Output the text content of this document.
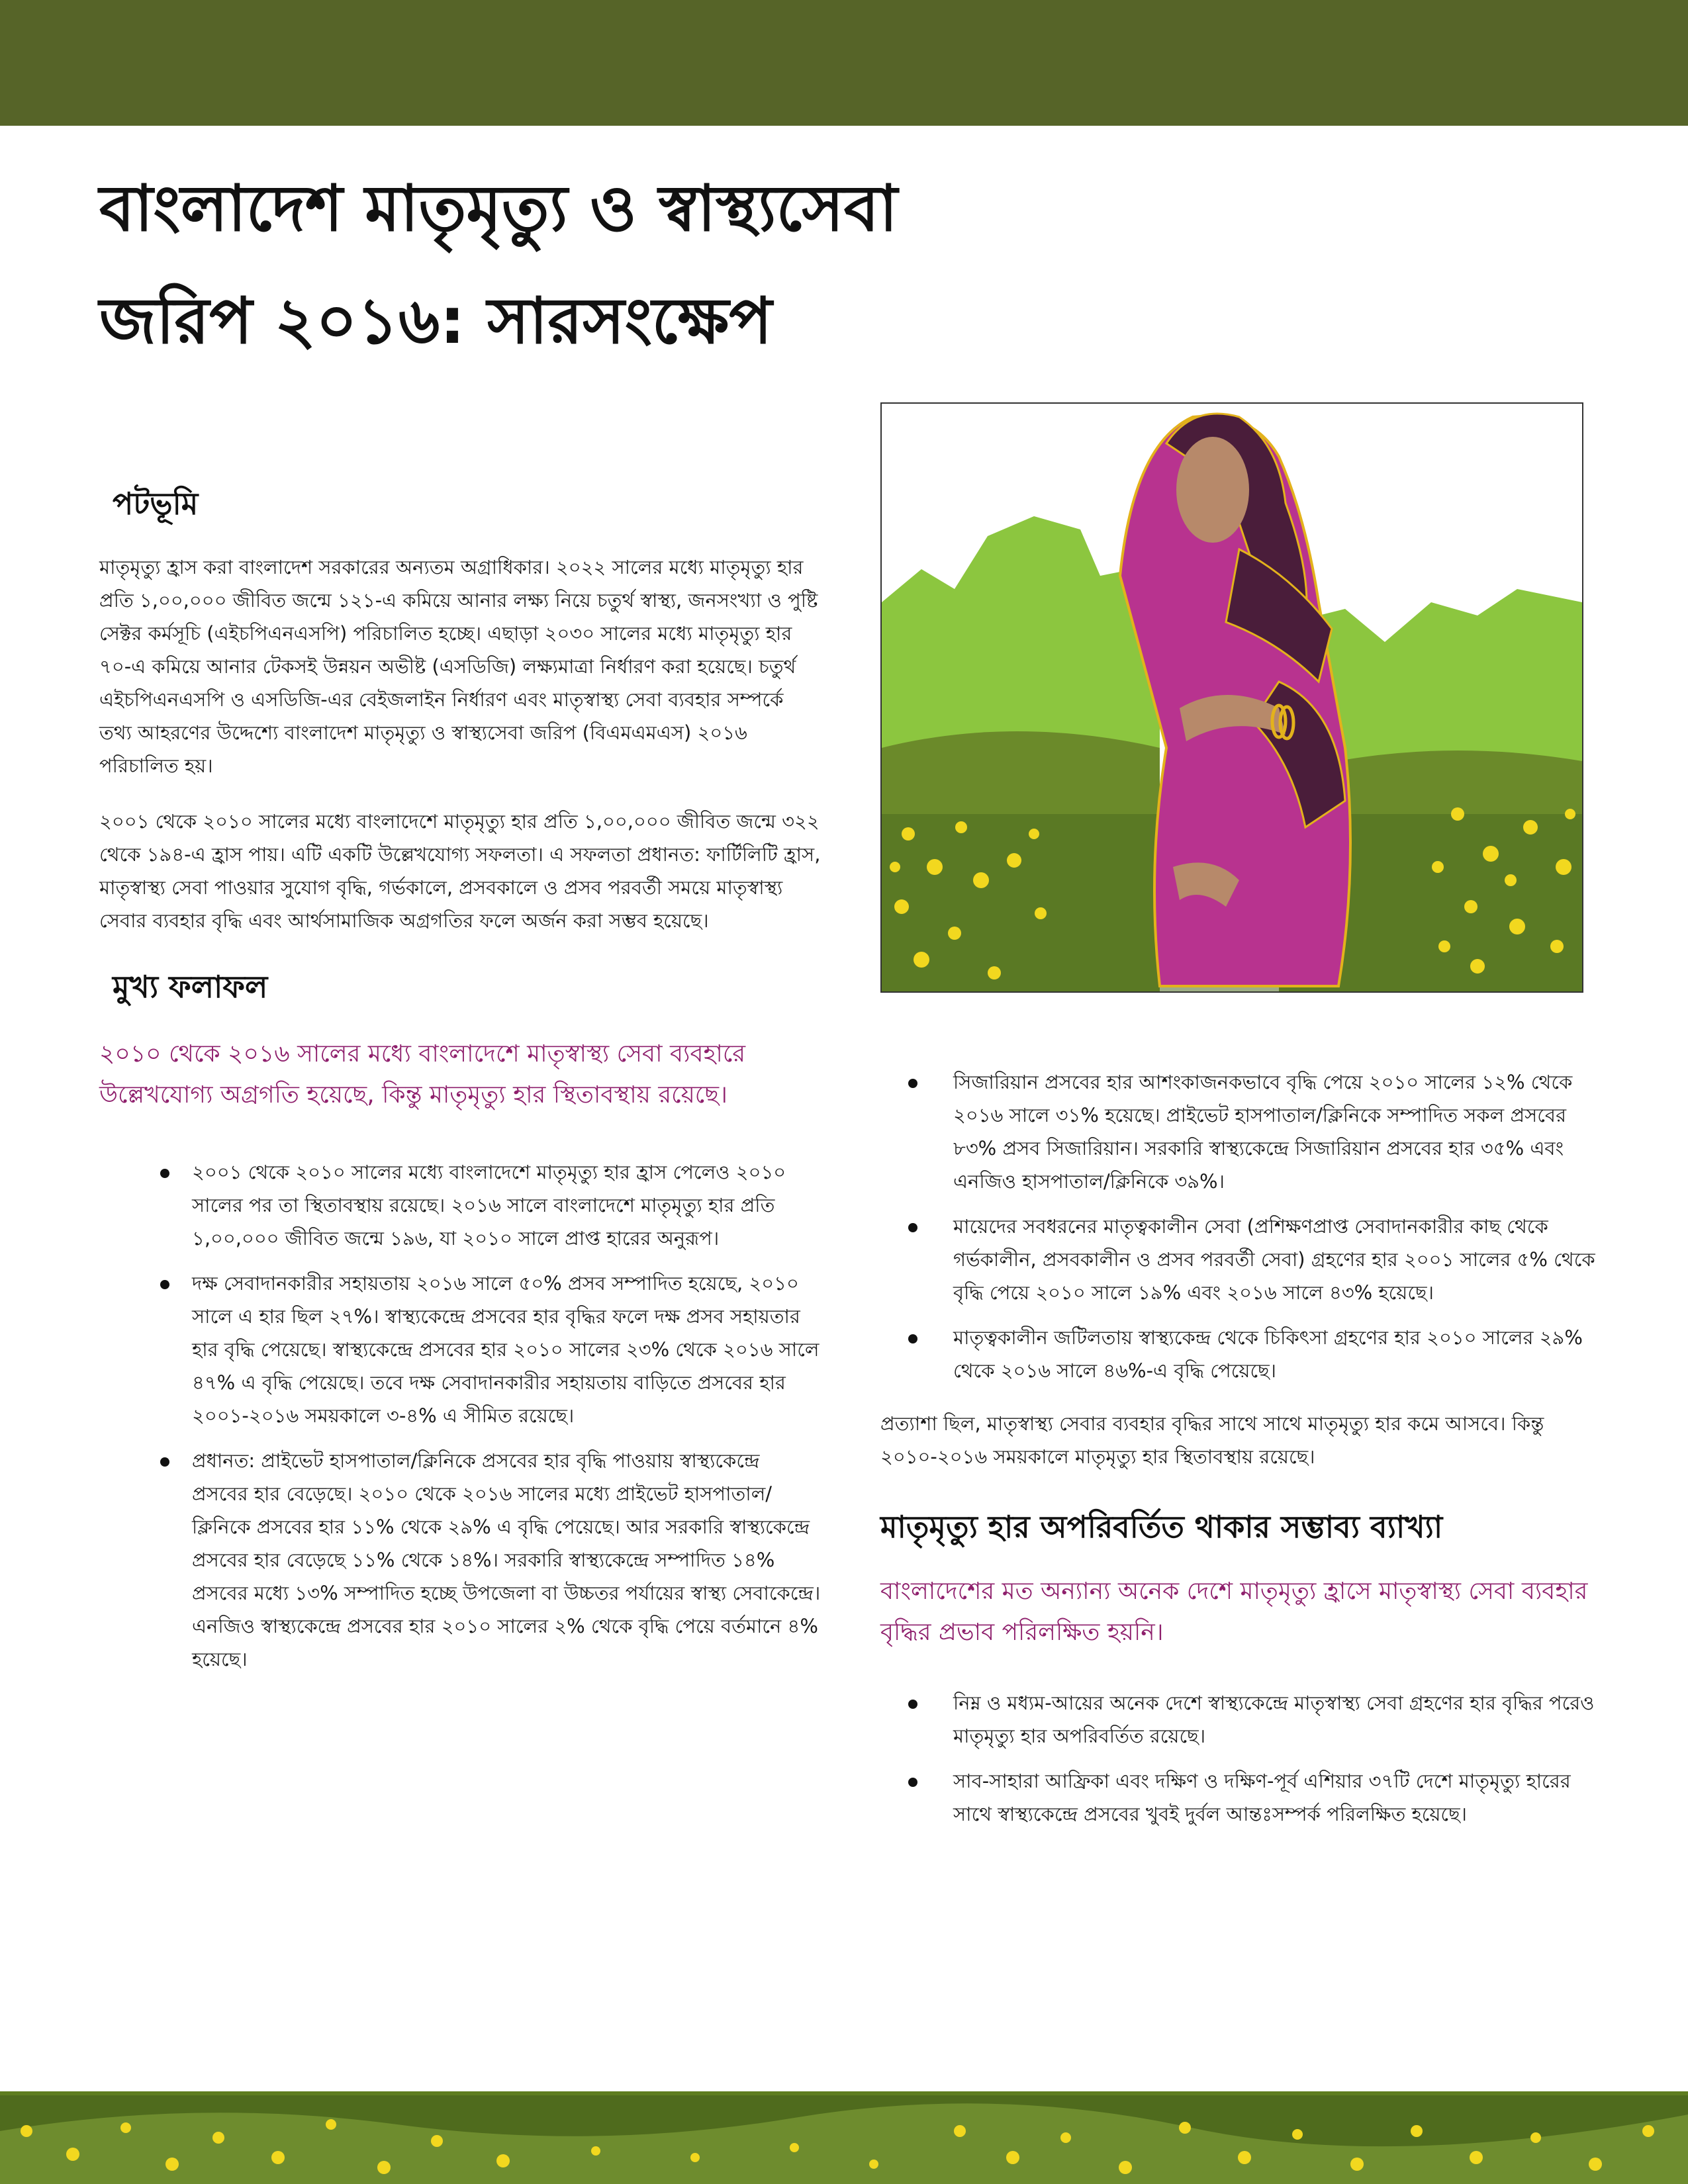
বাংলাদেশ মাতৃমৃত্যু ও স্বাস্থ্যসেবা
জরিপ ২০১৬: সারসংক্ষেপ
পটভূমি

মাতৃমৃত্যু হ্রাস করা বাংলাদেশ সরকারের অন্যতম অগ্রাধিকার। ২০২২ সালের মধ্যে মাতৃমৃত্যু হার প্রতি ১,০০,০০০ জীবিত জন্মে ১২১-এ কমিয়ে আনার লক্ষ্য নিয়ে চতুর্থ স্বাস্থ্য, জনসংখ্যা ও পুষ্টি সেক্টর কর্মসূচি (এইচপিএনএসপি) পরিচালিত হচ্ছে। এছাড়া ২০৩০ সালের মধ্যে মাতৃমৃত্যু হার ৭০-এ কমিয়ে আনার টেকসই উন্নয়ন অভীষ্ট (এসডিজি) লক্ষ্যমাত্রা নির্ধারণ করা হয়েছে। চতুর্থ এইচপিএনএসপি ও এসডিজি-এর বেইজলাইন নির্ধারণ এবং মাতৃস্বাস্থ্য সেবা ব্যবহার সম্পর্কে তথ্য আহরণের উদ্দেশ্যে বাংলাদেশ মাতৃমৃত্যু ও স্বাস্থ্যসেবা জরিপ (বিএমএমএস) ২০১৬ পরিচালিত হয়।

২০০১ থেকে ২০১০ সালের মধ্যে বাংলাদেশে মাতৃমৃত্যু হার প্রতি ১,০০,০০০ জীবিত জন্মে ৩২২ থেকে ১৯৪-এ হ্রাস পায়। এটি একটি উল্লেখযোগ্য সফলতা। এ সফলতা প্রধানত: ফার্টিলিটি হ্রাস, মাতৃস্বাস্থ্য সেবা পাওয়ার সুযোগ বৃদ্ধি, গর্ভকালে, প্রসবকালে ও প্রসব পরবর্তী সময়ে মাতৃস্বাস্থ্য সেবার ব্যবহার বৃদ্ধি এবং আর্থসামাজিক অগ্রগতির ফলে অর্জন করা সম্ভব হয়েছে।

মুখ্য ফলাফল

২০১০ থেকে ২০১৬ সালের মধ্যে বাংলাদেশে মাতৃস্বাস্থ্য সেবা ব্যবহারে উল্লেখযোগ্য অগ্রগতি হয়েছে, কিন্তু মাতৃমৃত্যু হার স্থিতাবস্থায় রয়েছে।

২০০১ থেকে ২০১০ সালের মধ্যে বাংলাদেশে মাতৃমৃত্যু হার হ্রাস পেলেও ২০১০ সালের পর তা স্থিতাবস্থায় রয়েছে। ২০১৬ সালে বাংলাদেশে মাতৃমৃত্যু হার প্রতি ১,০০,০০০ জীবিত জন্মে ১৯৬, যা ২০১০ সালে প্রাপ্ত হারের অনুরূপ।
দক্ষ সেবাদানকারীর সহায়তায় ২০১৬ সালে ৫০% প্রসব সম্পাদিত হয়েছে, ২০১০ সালে এ হার ছিল ২৭%। স্বাস্থ্যকেন্দ্রে প্রসবের হার বৃদ্ধির ফলে দক্ষ প্রসব সহায়তার হার বৃদ্ধি পেয়েছে। স্বাস্থ্যকেন্দ্রে প্রসবের হার ২০১০ সালের ২৩% থেকে ২০১৬ সালে ৪৭% এ বৃদ্ধি পেয়েছে। তবে দক্ষ সেবাদানকারীর সহায়তায় বাড়িতে প্রসবের হার ২০০১-২০১৬ সময়কালে ৩-৪% এ সীমিত রয়েছে।
প্রধানত: প্রাইভেট হাসপাতাল/ক্লিনিকে প্রসবের হার বৃদ্ধি পাওয়ায় স্বাস্থ্যকেন্দ্রে প্রসবের হার বেড়েছে। ২০১০ থেকে ২০১৬ সালের মধ্যে প্রাইভেট হাসপাতাল/ক্লিনিকে প্রসবের হার ১১% থেকে ২৯% এ বৃদ্ধি পেয়েছে। আর সরকারি স্বাস্থ্যকেন্দ্রে প্রসবের হার বেড়েছে ১১% থেকে ১৪%। সরকারি স্বাস্থ্যকেন্দ্রে সম্পাদিত ১৪% প্রসবের মধ্যে ১৩% সম্পাদিত হচ্ছে উপজেলা বা উচ্চতর পর্যায়ের স্বাস্থ্য সেবাকেন্দ্রে। এনজিও স্বাস্থ্যকেন্দ্রে প্রসবের হার ২০১০ সালের ২% থেকে বৃদ্ধি পেয়ে বর্তমানে ৪% হয়েছে।
সিজারিয়ান প্রসবের হার আশংকাজনকভাবে বৃদ্ধি পেয়ে ২০১০ সালের ১২% থেকে ২০১৬ সালে ৩১% হয়েছে। প্রাইভেট হাসপাতাল/ক্লিনিকে সম্পাদিত সকল প্রসবের ৮৩% প্রসব সিজারিয়ান। সরকারি স্বাস্থ্যকেন্দ্রে সিজারিয়ান প্রসবের হার ৩৫% এবং এনজিও হাসপাতাল/ক্লিনিকে ৩৯%।
মায়েদের সবধরনের মাতৃত্বকালীন সেবা (প্রশিক্ষণপ্রাপ্ত সেবাদানকারীর কাছ থেকে গর্ভকালীন, প্রসবকালীন ও প্রসব পরবর্তী সেবা) গ্রহণের হার ২০০১ সালের ৫% থেকে বৃদ্ধি পেয়ে ২০১০ সালে ১৯% এবং ২০১৬ সালে ৪৩% হয়েছে।
মাতৃত্বকালীন জটিলতায় স্বাস্থ্যকেন্দ্র থেকে চিকিৎসা গ্রহণের হার ২০১০ সালের ২৯% থেকে ২০১৬ সালে ৪৬%-এ বৃদ্ধি পেয়েছে।

প্রত্যাশা ছিল, মাতৃস্বাস্থ্য সেবার ব্যবহার বৃদ্ধির সাথে সাথে মাতৃমৃত্যু হার কমে আসবে। কিন্তু ২০১০-২০১৬ সময়কালে মাতৃমৃত্যু হার স্থিতাবস্থায় রয়েছে।

মাতৃমৃত্যু হার অপরিবর্তিত থাকার সম্ভাব্য ব্যাখ্যা

বাংলাদেশের মত অন্যান্য অনেক দেশে মাতৃমৃত্যু হ্রাসে মাতৃস্বাস্থ্য সেবা ব্যবহার বৃদ্ধির প্রভাব পরিলক্ষিত হয়নি।

নিম্ন ও মধ্যম-আয়ের অনেক দেশে স্বাস্থ্যকেন্দ্রে মাতৃস্বাস্থ্য সেবা গ্রহণের হার বৃদ্ধির পরেও মাতৃমৃত্যু হার অপরিবর্তিত রয়েছে।
সাব-সাহারা আফ্রিকা এবং দক্ষিণ ও দক্ষিণ-পূর্ব এশিয়ার ৩৭টি দেশে মাতৃমৃত্যু হারের সাথে স্বাস্থ্যকেন্দ্রে প্রসবের খুবই দুর্বল আন্তঃসম্পর্ক পরিলক্ষিত হয়েছে।
